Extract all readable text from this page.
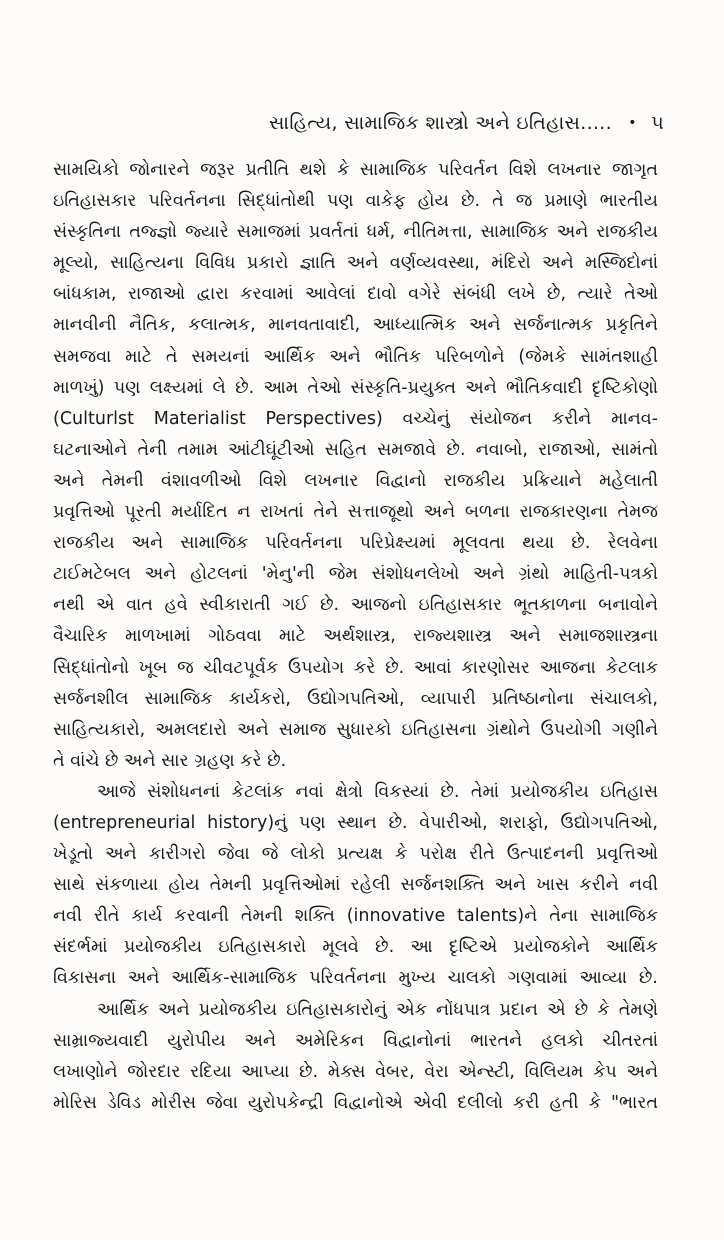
સાહિત્ય, સામાજિક શાસ્ત્રો અને ઇતિહાસ..... • ૫
સામયિકો જોનારને જરૂર પ્રતીતિ થશે કે સામાજિક પરિવર્તન વિશે લખનાર જાગૃત
ઇતિહાસકાર પરિવર્તનના સિદ્ધાંતોથી પણ વાકેફ હોય છે. તે જ પ્રમાણે ભારતીય
સંસ્કૃતિના તજ્જ્ઞો જ્યારે સમાજમાં પ્રવર્તતાં ધર્મ, નીતિમત્તા, સામાજિક અને રાજકીય
મૂલ્યો, સાહિત્યના વિવિધ પ્રકારો જ્ઞાતિ અને વર્ણવ્યવસ્થા, મંદિરો અને મસ્જિદોનાં
બાંધકામ, રાજાઓ દ્વારા કરવામાં આવેલાં દાવો વગેરે સંબંધી લખે છે, ત્યારે તેઓ
માનવીની નૈતિક, કલાત્મક, માનવતાવાદી, આધ્યાત્મિક અને સર્જનાત્મક પ્રકૃતિને
સમજવા માટે તે સમયનાં આર્થિક અને ભૌતિક પરિબળોને (જેમકે સામંતશાહી
માળખું) પણ લક્ષ્યમાં લે છે. આમ તેઓ સંસ્કૃતિ-પ્રયુક્ત અને ભૌતિકવાદી દૃષ્ટિકોણો
(Culturlst Materialist Perspectives) વચ્ચેનું સંયોજન કરીને માનવ-
ઘટનાઓને તેની તમામ આંટીઘૂંટીઓ સહિત સમજાવે છે. નવાબો, રાજાઓ, સામંતો
અને તેમની વંશાવળીઓ વિશે લખનાર વિદ્વાનો રાજકીય પ્રક્રિયાને મહેલાતી
પ્રવૃત્તિઓ પૂરતી મર્યાદિત ન રાખતાં તેને સત્તાજૂથો અને બળના રાજકારણના તેમજ
રાજકીય અને સામાજિક પરિવર્તનના પરિપ્રેક્ષ્યમાં મૂલવતા થયા છે. રેલવેના
ટાઈમટેબલ અને હોટલનાં 'મેનુ'ની જેમ સંશોધનલેખો અને ગ્રંથો માહિતી-પત્રકો
નથી એ વાત હવે સ્વીકારાતી ગઈ છે. આજનો ઇતિહાસકાર ભૂતકાળના બનાવોને
વૈચારિક માળખામાં ગોઠવવા માટે અર્થશાસ્ત્ર, રાજ્યશાસ્ત્ર અને સમાજશાસ્ત્રના
સિદ્ધાંતોનો ખૂબ જ ચીવટપૂર્વક ઉપયોગ કરે છે. આવાં કારણોસર આજના કેટલાક
સર્જનશીલ સામાજિક કાર્યકરો, ઉદ્યોગપતિઓ, વ્યાપારી પ્રતિષ્ઠાનોના સંચાલકો,
સાહિત્યકારો, અમલદારો અને સમાજ સુધારકો ઇતિહાસના ગ્રંથોને ઉપયોગી ગણીને
તે વાંચે છે અને સાર ગ્રહણ કરે છે.
આજે સંશોધનનાં કેટલાંક નવાં ક્ષેત્રો વિકસ્યાં છે. તેમાં પ્રયોજકીય ઇતિહાસ
(entrepreneurial history)નું પણ સ્થાન છે. વેપારીઓ, શરાફો, ઉદ્યોગપતિઓ,
ખેડૂતો અને કારીગરો જેવા જે લોકો પ્રત્યક્ષ કે પરોક્ષ રીતે ઉત્પાદનની પ્રવૃત્તિઓ
સાથે સંકળાયા હોય તેમની પ્રવૃત્તિઓમાં રહેલી સર્જનશક્તિ અને ખાસ કરીને નવી
નવી રીતે કાર્ય કરવાની તેમની શક્તિ (innovative talents)ને તેના સામાજિક
સંદર્ભમાં પ્રયોજકીય ઇતિહાસકારો મૂલવે છે. આ દૃષ્ટિએ પ્રયોજકોને આર્થિક
વિકાસના અને આર્થિક-સામાજિક પરિવર્તનના મુખ્ય ચાલકો ગણવામાં આવ્યા છે.
આર્થિક અને પ્રયોજકીય ઇતિહાસકારોનું એક નોંધપાત્ર પ્રદાન એ છે કે તેમણે
સામ્રાજ્યવાદી યુરોપીય અને અમેરિકન વિદ્વાનોનાં ભારતને હલકો ચીતરતાં
લખાણોને જોરદાર રદિયા આપ્યા છે. મેક્સ વેબર, વેરા એન્સ્ટી, વિલિયમ કેપ અને
મોરિસ ડેવિડ મોરીસ જેવા યુરોપકેન્દ્રી વિદ્વાનોએ એવી દલીલો કરી હતી કે "ભારત
